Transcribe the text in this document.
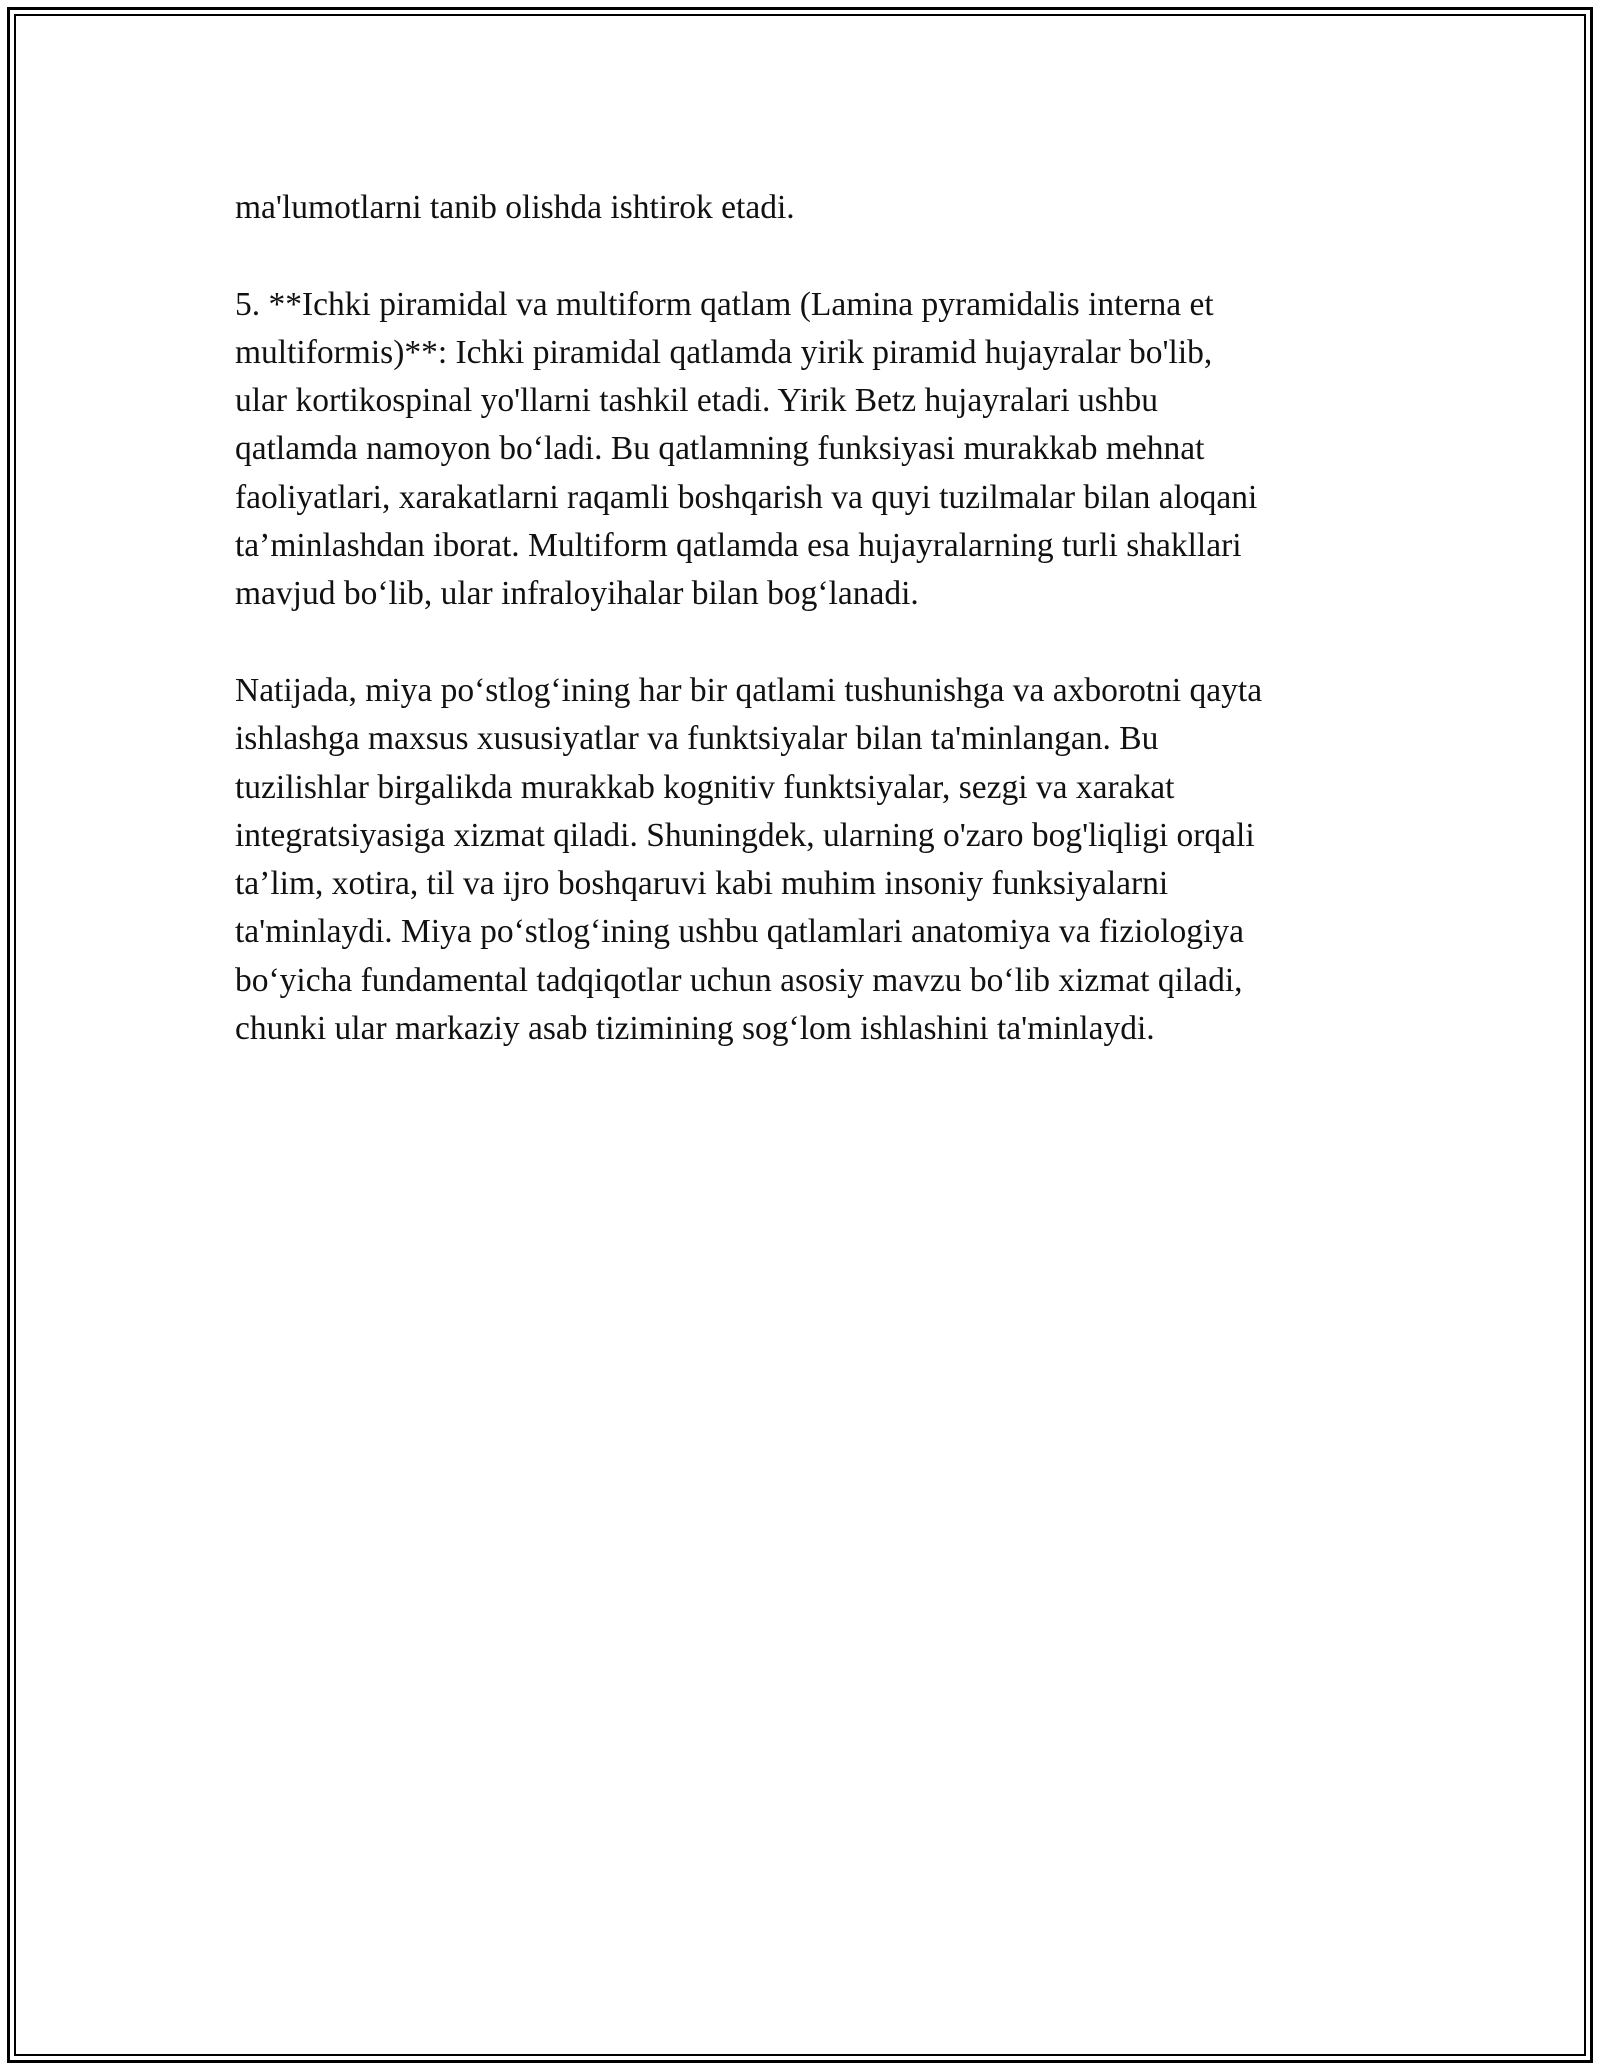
ma'lumotlarni tanib olishda ishtirok etadi.

5. **Ichki piramidal va multiform qatlam (Lamina pyramidalis interna et
multiformis)**: Ichki piramidal qatlamda yirik piramid hujayralar bo'lib,
ular kortikospinal yo'llarni tashkil etadi. Yirik Betz hujayralari ushbu
qatlamda namoyon bo‘ladi. Bu qatlamning funksiyasi murakkab mehnat
faoliyatlari, xarakatlarni raqamli boshqarish va quyi tuzilmalar bilan aloqani
ta’minlashdan iborat. Multiform qatlamda esa hujayralarning turli shakllari
mavjud bo‘lib, ular infraloyihalar bilan bog‘lanadi.

Natijada, miya po‘stlog‘ining har bir qatlami tushunishga va axborotni qayta
ishlashga maxsus xususiyatlar va funktsiyalar bilan ta'minlangan. Bu
tuzilishlar birgalikda murakkab kognitiv funktsiyalar, sezgi va xarakat
integratsiyasiga xizmat qiladi. Shuningdek, ularning o'zaro bog'liqligi orqali
ta’lim, xotira, til va ijro boshqaruvi kabi muhim insoniy funksiyalarni
ta'minlaydi. Miya po‘stlog‘ining ushbu qatlamlari anatomiya va fiziologiya
bo‘yicha fundamental tadqiqotlar uchun asosiy mavzu bo‘lib xizmat qiladi,
chunki ular markaziy asab tizimining sog‘lom ishlashini ta'minlaydi.
